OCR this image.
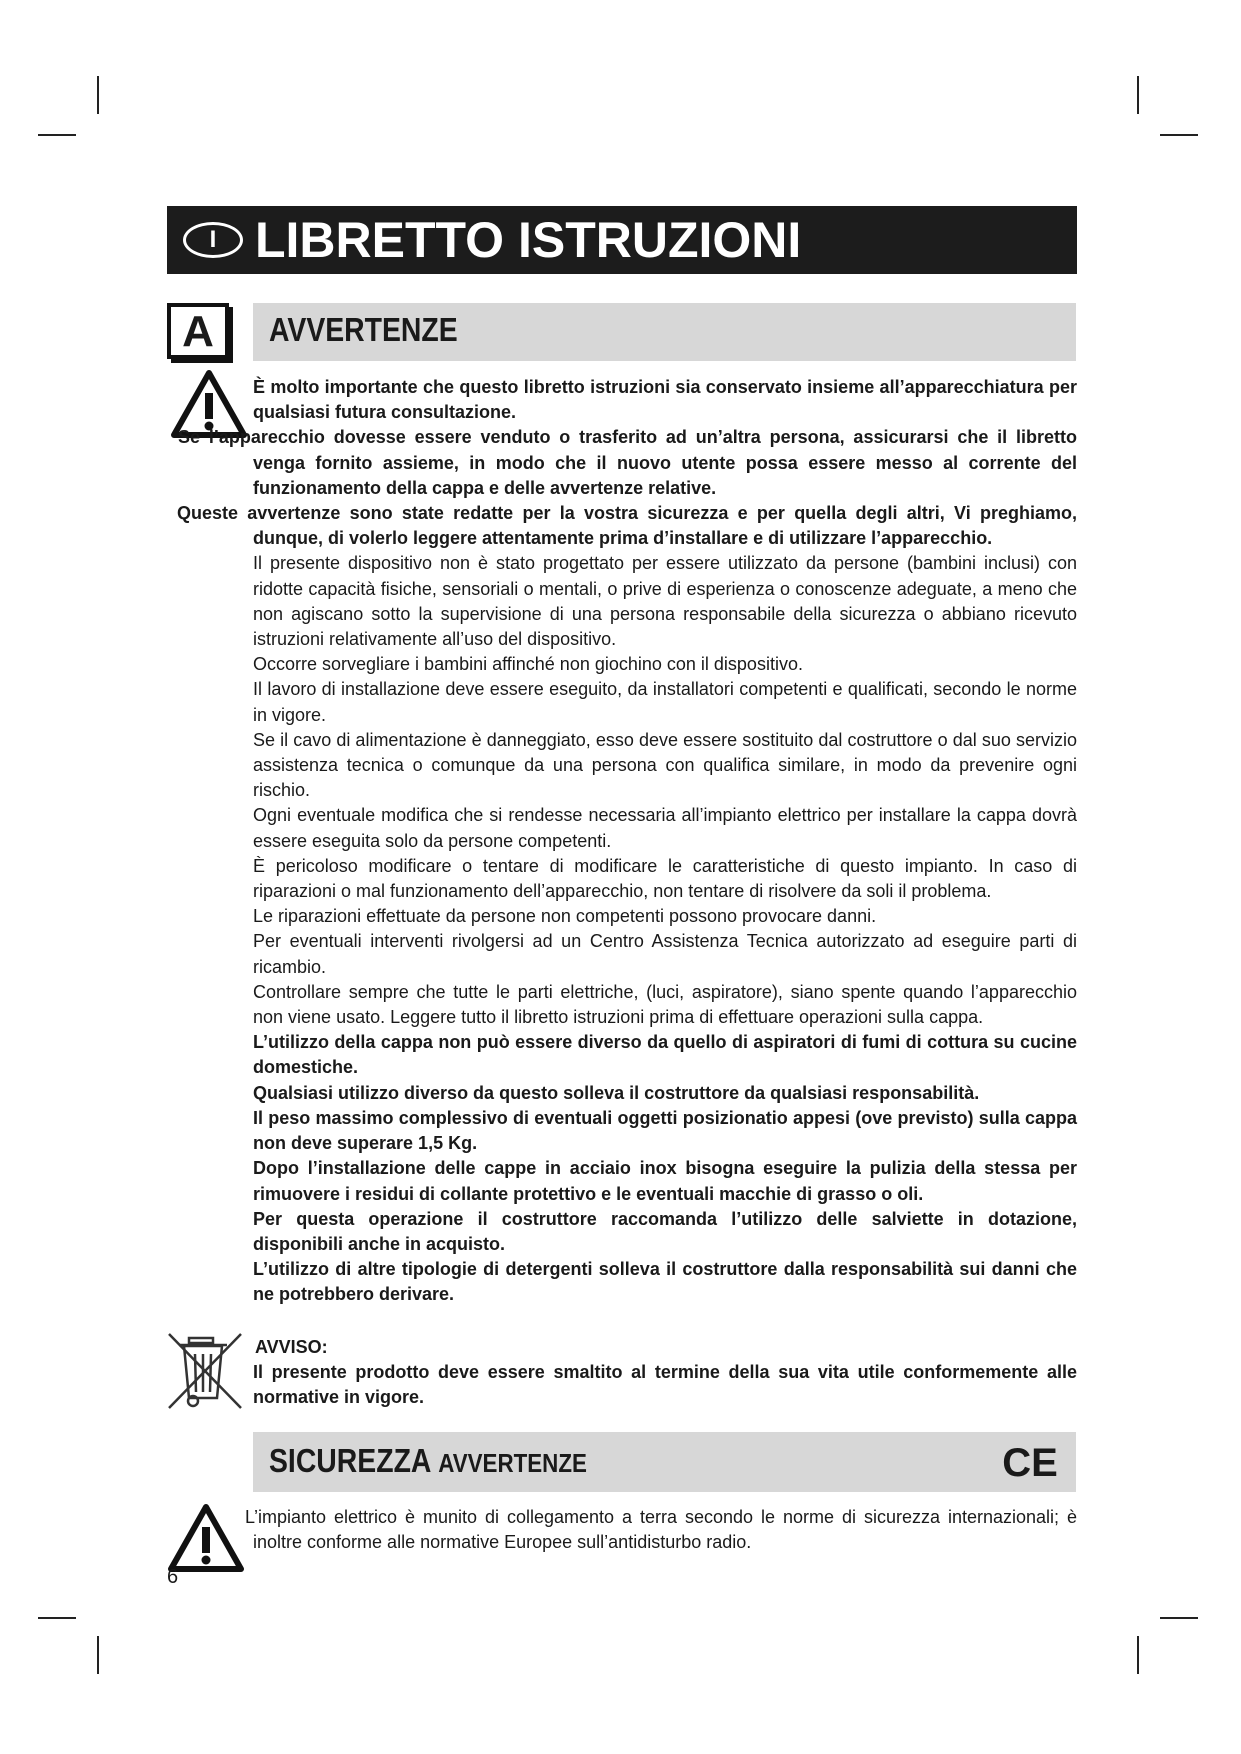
I LIBRETTO ISTRUZIONI
A	AVVERTENZE

È molto importante che questo libretto istruzioni sia conservato insieme all’apparecchiatura per qualsiasi futura consultazione.

Se l’apparecchio dovesse essere venduto o trasferito ad un’altra persona, assicurarsi che il libretto venga fornito assieme, in modo che il nuovo utente possa essere messo al corrente del funzionamento della cappa e delle avvertenze relative.

Queste avvertenze sono state redatte per la vostra sicurezza e per quella degli altri, Vi preghiamo, dunque, di volerlo leggere attentamente prima d’installare e di utilizzare l’apparecchio.

Il presente dispositivo non è stato progettato per essere utilizzato da persone (bambini inclusi) con ridotte capacità fisiche, sensoriali o mentali, o prive di esperienza o conoscenze adeguate, a meno che non agiscano sotto la supervisione di una persona responsabile della sicurezza o abbiano ricevuto istruzioni relativamente all’uso del dispositivo.

Occorre sorvegliare i bambini affinché non giochino con il dispositivo.

Il lavoro di installazione deve essere eseguito, da installatori competenti e qualificati, secondo le norme in vigore.

Se il cavo di alimentazione è danneggiato, esso deve essere sostituito dal costruttore o dal suo servizio assistenza tecnica o comunque da una persona con qualifica similare, in modo da prevenire ogni rischio.

Ogni eventuale modifica che si rendesse necessaria all’impianto elettrico per installare la cappa dovrà essere eseguita solo da persone competenti.

È pericoloso modificare o tentare di modificare le caratteristiche di questo impianto. In caso di riparazioni o mal funzionamento dell’apparecchio, non tentare di risolvere da soli il problema.

Le riparazioni effettuate da persone non competenti possono provocare danni.

Per eventuali interventi rivolgersi ad un Centro Assistenza Tecnica autorizzato ad eseguire parti di ricambio.

Controllare sempre che tutte le parti elettriche, (luci, aspiratore), siano spente quando l’apparecchio non viene usato. Leggere tutto il libretto istruzioni prima di effettuare operazioni sulla cappa.

L’utilizzo della cappa non può essere diverso da quello di aspiratori di fumi di cottura su cucine domestiche.

Qualsiasi utilizzo diverso da questo solleva il costruttore da qualsiasi responsabilità.

Il peso massimo complessivo di eventuali oggetti posizionatio appesi (ove previsto) sulla cappa non deve superare 1,5 Kg.

Dopo l’installazione delle cappe in acciaio inox bisogna eseguire la pulizia della stessa per rimuovere i residui di collante protettivo e le eventuali macchie di grasso o oli.

Per questa operazione il costruttore raccomanda l’utilizzo delle salviette in dotazione, disponibili anche in acquisto.

L’utilizzo di altre tipologie di detergenti solleva il costruttore dalla responsabilità sui danni che ne potrebbero derivare.

AVVISO:

Il presente prodotto deve essere smaltito al termine della sua vita utile conformemente alle normative in vigore.

SICUREZZA AVVERTENZE	CE

L’impianto elettrico è munito di collegamento a terra secondo le norme di sicurezza internazionali; è inoltre conforme alle normative Europee sull’antidisturbo radio.

6
